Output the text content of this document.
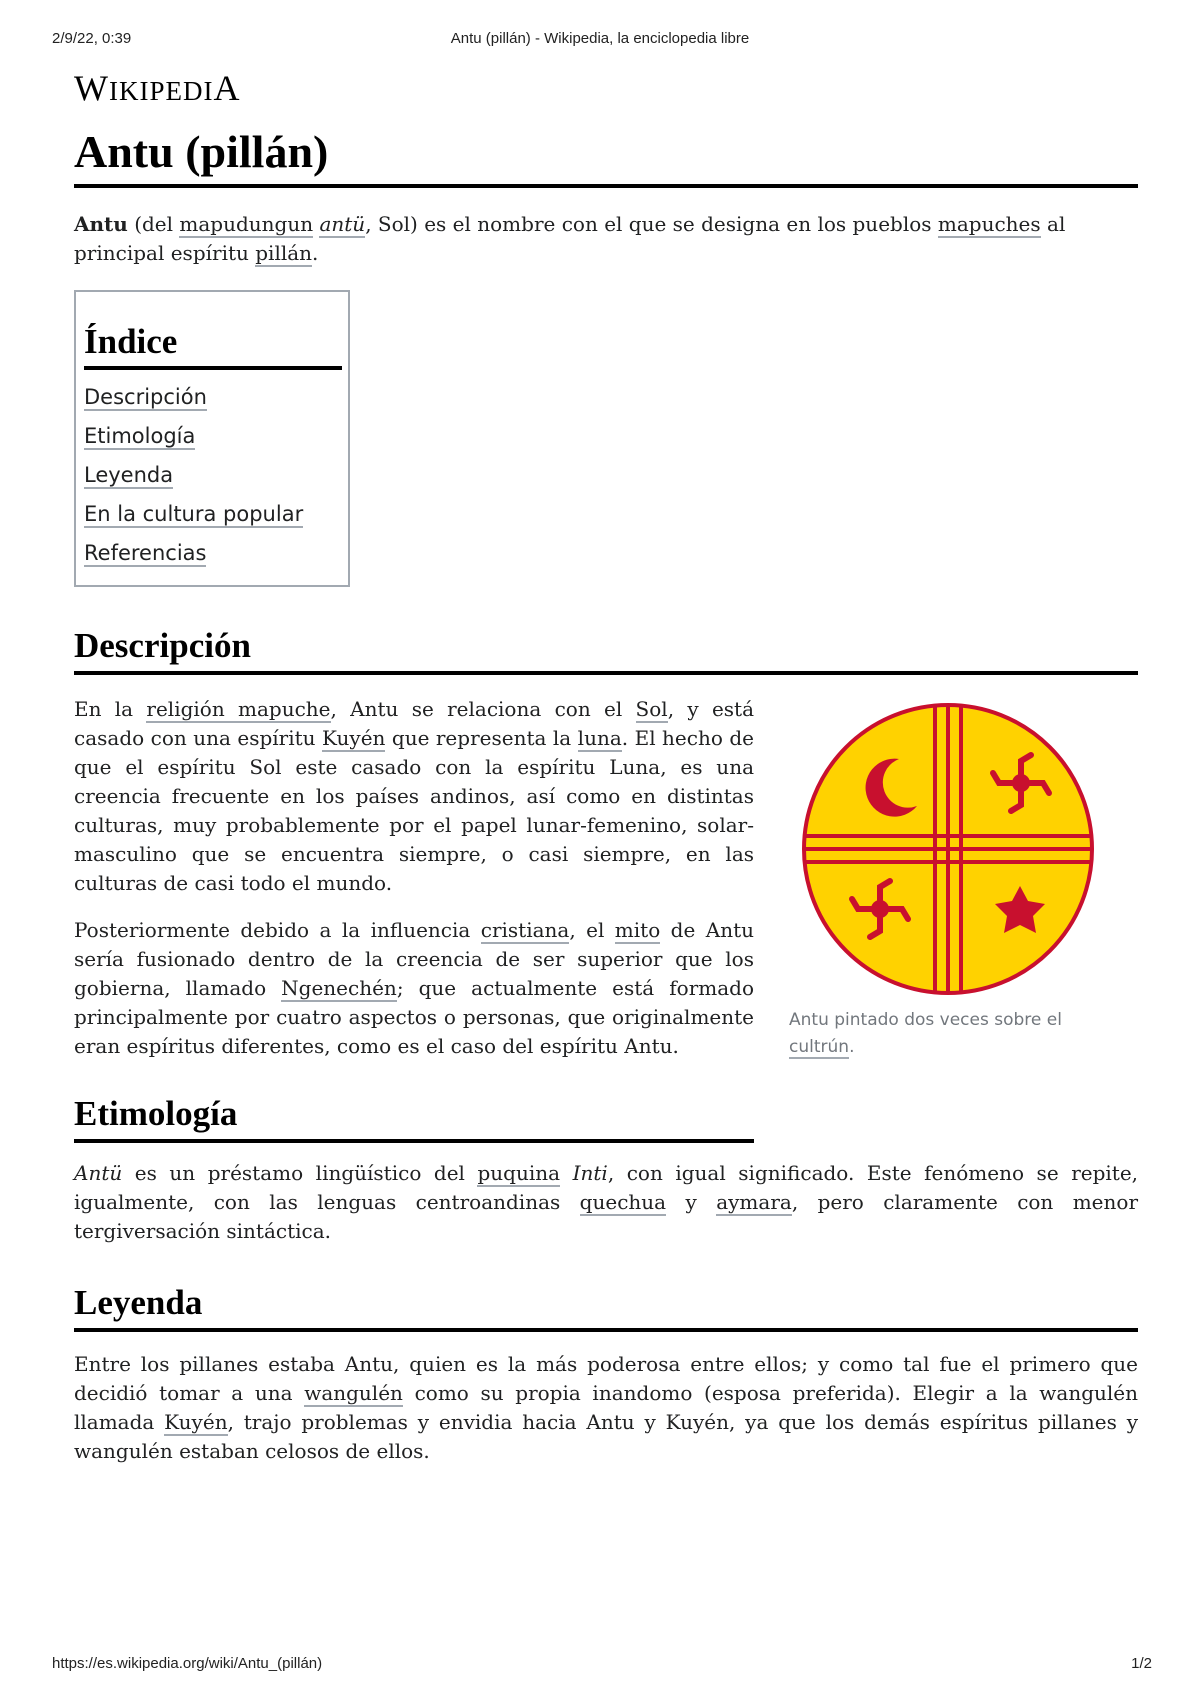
2/9/22, 0:39	Antu (pillán) - Wikipedia, la enciclopedia libre
WIKIPEDIA
Antu (pillán)

Antu (del mapudungun antü, Sol) es el nombre con el que se designa en los pueblos mapuches al principal espíritu pillán.

Índice
Descripción
Etimología
Leyenda
En la cultura popular
Referencias
Descripción

En la religión mapuche, Antu se relaciona con el Sol, y está casado con una espíritu Kuyén que representa la luna. El hecho de que el espíritu Sol este casado con la espíritu Luna, es una creencia frecuente en los países andinos, así como en distintas culturas, muy probablemente por el papel lunar-femenino, solar-masculino que se encuentra siempre, o casi siempre, en las culturas de casi todo el mundo.

Posteriormente debido a la influencia cristiana, el mito de Antu sería fusionado dentro de la creencia de ser superior que los gobierna, llamado Ngenechén; que actualmente está formado principalmente por cuatro aspectos o personas, que originalmente eran espíritus diferentes, como es el caso del espíritu Antu.

Antu pintado dos veces sobre el cultrún.
Etimología

Antü es un préstamo lingüístico del puquina Inti, con igual significado. Este fenómeno se repite, igualmente, con las lenguas centroandinas quechua y aymara, pero claramente con menor tergiversación sintáctica.

Leyenda

Entre los pillanes estaba Antu, quien es la más poderosa entre ellos; y como tal fue el primero que decidió tomar a una wangulén como su propia inandomo (esposa preferida). Elegir a la wangulén llamada Kuyén, trajo problemas y envidia hacia Antu y Kuyén, ya que los demás espíritus pillanes y wangulén estaban celosos de ellos.

https://es.wikipedia.org/wiki/Antu_(pillán)	1/2
